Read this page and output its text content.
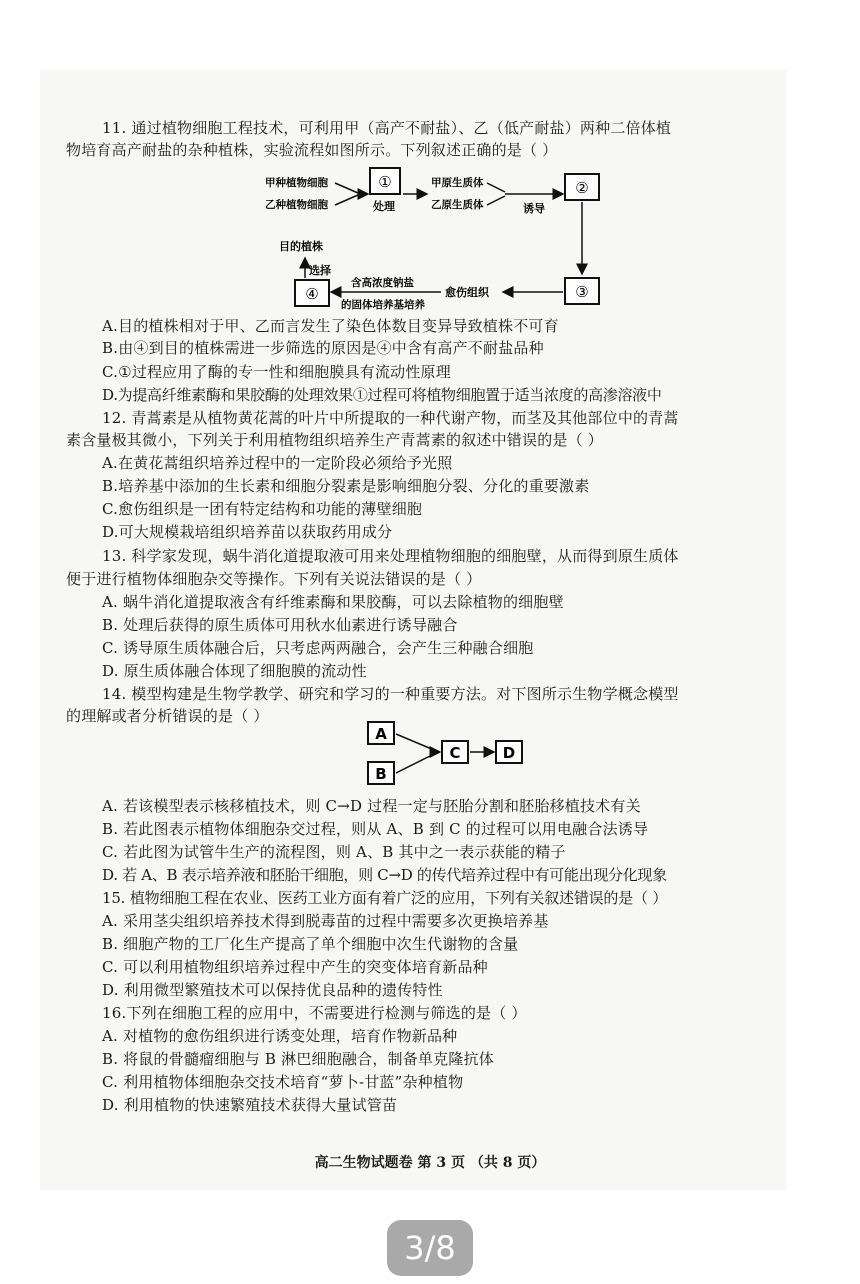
11. 通过植物细胞工程技术，可利用甲（高产不耐盐）、乙（低产耐盐）两种二倍体植
物培育高产耐盐的杂种植株，实验流程如图所示。下列叙述正确的是（ ）
甲种植物细胞
乙种植物细胞
①
处理
甲原生质体
乙原生质体	诱导
②
③
愈伤组织
含高浓度钠盐
的固体培养基培养
④
选择
目的植株
A.目的植株相对于甲、乙而言发生了染色体数目变异导致植株不可育
B.由④到目的植株需进一步筛选的原因是④中含有高产不耐盐品种
C.①过程应用了酶的专一性和细胞膜具有流动性原理
D.为提高纤维素酶和果胶酶的处理效果①过程可将植物细胞置于适当浓度的高渗溶液中
12. 青蒿素是从植物黄花蒿的叶片中所提取的一种代谢产物，而茎及其他部位中的青蒿
素含量极其微小，下列关于利用植物组织培养生产青蒿素的叙述中错误的是（ ）
A.在黄花蒿组织培养过程中的一定阶段必须给予光照
B.培养基中添加的生长素和细胞分裂素是影响细胞分裂、分化的重要激素
C.愈伤组织是一团有特定结构和功能的薄壁细胞
D.可大规模栽培组织培养苗以获取药用成分
13. 科学家发现，蜗牛消化道提取液可用来处理植物细胞的细胞壁，从而得到原生质体
便于进行植物体细胞杂交等操作。下列有关说法错误的是（ ）
A. 蜗牛消化道提取液含有纤维素酶和果胶酶，可以去除植物的细胞壁
B. 处理后获得的原生质体可用秋水仙素进行诱导融合
C. 诱导原生质体融合后，只考虑两两融合，会产生三种融合细胞
D. 原生质体融合体现了细胞膜的流动性
14. 模型构建是生物学教学、研究和学习的一种重要方法。对下图所示生物学概念模型
的理解或者分析错误的是（ ）
A
B
C	D
A. 若该模型表示核移植技术，则 C→D 过程一定与胚胎分割和胚胎移植技术有关
B. 若此图表示植物体细胞杂交过程，则从 A、B 到 C 的过程可以用电融合法诱导
C. 若此图为试管牛生产的流程图，则 A、B 其中之一表示获能的精子
D. 若 A、B 表示培养液和胚胎干细胞，则 C→D 的传代培养过程中有可能出现分化现象
15. 植物细胞工程在农业、医药工业方面有着广泛的应用，下列有关叙述错误的是（ ）
A. 采用茎尖组织培养技术得到脱毒苗的过程中需要多次更换培养基
B. 细胞产物的工厂化生产提高了单个细胞中次生代谢物的含量
C. 可以利用植物组织培养过程中产生的突变体培育新品种
D. 利用微型繁殖技术可以保持优良品种的遗传特性
16.下列在细胞工程的应用中，不需要进行检测与筛选的是（ ）
A. 对植物的愈伤组织进行诱变处理，培育作物新品种
B. 将鼠的骨髓瘤细胞与 B 淋巴细胞融合，制备单克隆抗体
C. 利用植物体细胞杂交技术培育“萝卜-甘蓝”杂种植物
D. 利用植物的快速繁殖技术获得大量试管苗
高二生物试题卷 第 3 页 （共 8 页）
3/8
